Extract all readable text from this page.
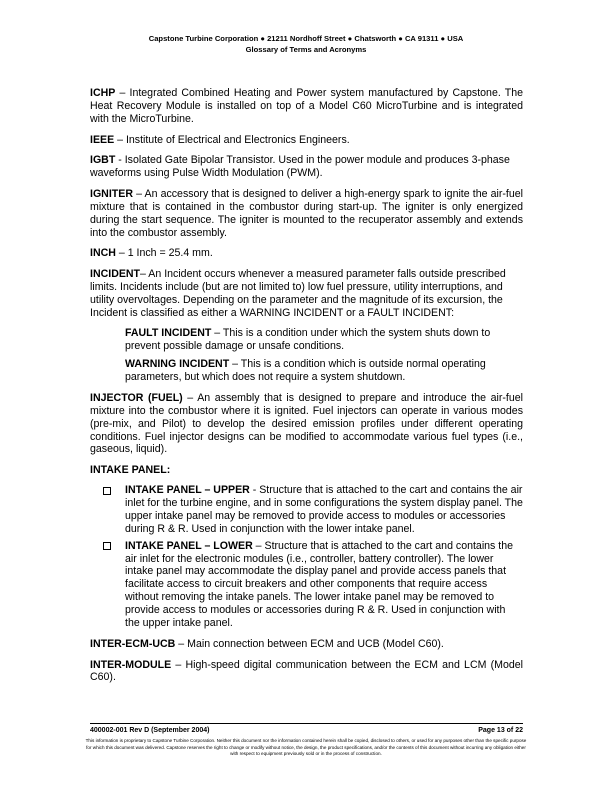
Capstone Turbine Corporation ● 21211 Nordhoff Street ● Chatsworth ● CA 91311 ● USA
Glossary of Terms and Acronyms

ICHP – Integrated Combined Heating and Power system manufactured by Capstone. The Heat Recovery Module is installed on top of a Model C60 MicroTurbine and is integrated with the MicroTurbine.

IEEE – Institute of Electrical and Electronics Engineers.

IGBT - Isolated Gate Bipolar Transistor. Used in the power module and produces 3-phase waveforms using Pulse Width Modulation (PWM).

IGNITER – An accessory that is designed to deliver a high-energy spark to ignite the air-fuel mixture that is contained in the combustor during start-up. The igniter is only energized during the start sequence. The igniter is mounted to the recuperator assembly and extends into the combustor assembly.

INCH – 1 Inch = 25.4 mm.

INCIDENT– An Incident occurs whenever a measured parameter falls outside prescribed limits. Incidents include (but are not limited to) low fuel pressure, utility interruptions, and utility overvoltages. Depending on the parameter and the magnitude of its excursion, the Incident is classified as either a WARNING INCIDENT or a FAULT INCIDENT:

FAULT INCIDENT – This is a condition under which the system shuts down to prevent possible damage or unsafe conditions.

WARNING INCIDENT – This is a condition which is outside normal operating parameters, but which does not require a system shutdown.

INJECTOR (FUEL) – An assembly that is designed to prepare and introduce the air-fuel mixture into the combustor where it is ignited. Fuel injectors can operate in various modes (pre-mix, and Pilot) to develop the desired emission profiles under different operating conditions. Fuel injector designs can be modified to accommodate various fuel types (i.e., gaseous, liquid).

INTAKE PANEL:
INTAKE PANEL – UPPER - Structure that is attached to the cart and contains the air inlet for the turbine engine, and in some configurations the system display panel. The upper intake panel may be removed to provide access to modules or accessories during R & R. Used in conjunction with the lower intake panel.
INTAKE PANEL – LOWER – Structure that is attached to the cart and contains the air inlet for the electronic modules (i.e., controller, battery controller). The lower intake panel may accommodate the display panel and provide access panels that facilitate access to circuit breakers and other components that require access without removing the intake panels. The lower intake panel may be removed to provide access to modules or accessories during R & R. Used in conjunction with the upper intake panel.

INTER-ECM-UCB – Main connection between ECM and UCB (Model C60).

INTER-MODULE – High-speed digital communication between the ECM and LCM (Model C60).

400002-001 Rev D (September 2004)	Page 13 of 22
This information is proprietary to Capstone Turbine Corporation. Neither this document nor the information contained herein shall be copied, disclosed to others, or used for any purposes other than the specific purpose for which this document was delivered. Capstone reserves the right to change or modify without notice, the design, the product specifications, and/or the contents of this document without incurring any obligation either with respect to equipment previously sold or in the process of construction.
